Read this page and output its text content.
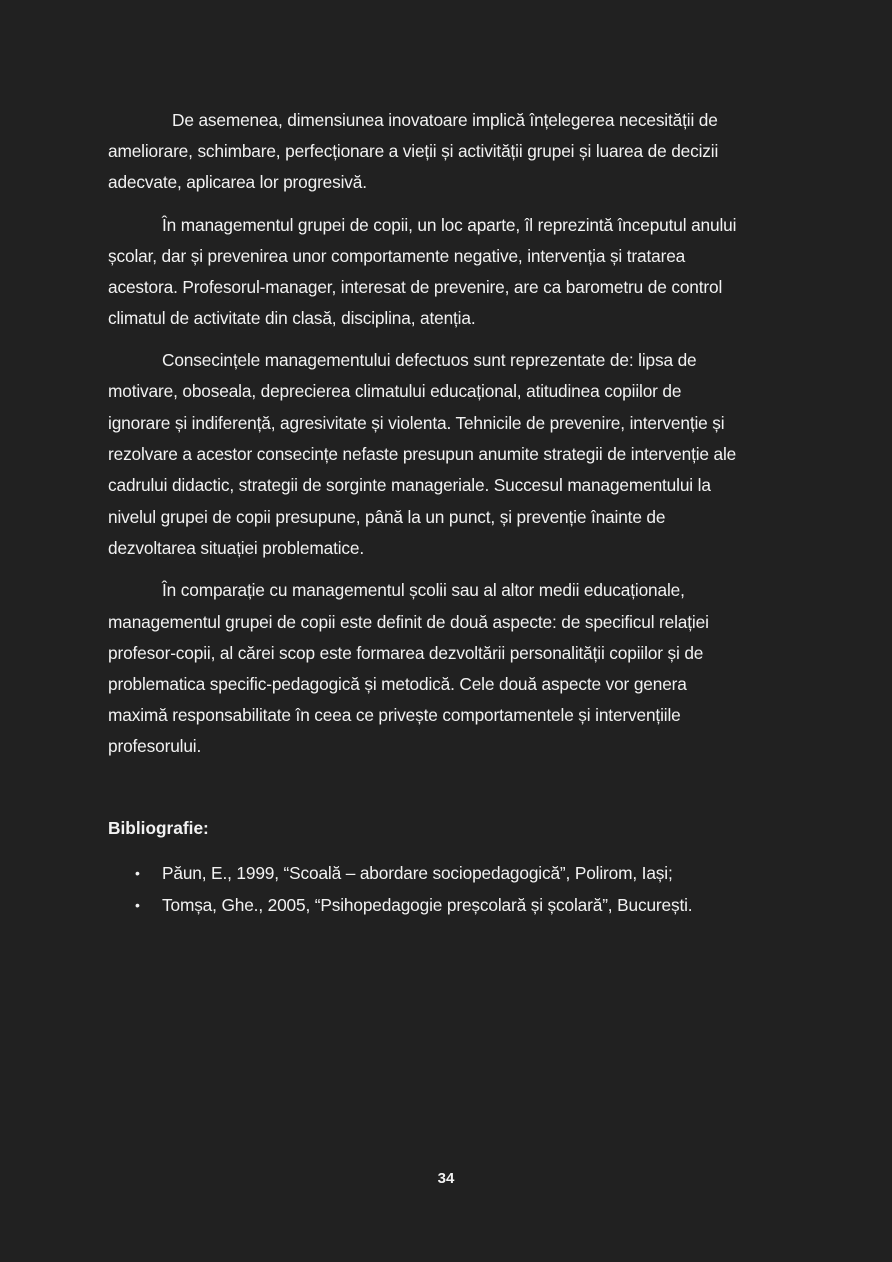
De asemenea, dimensiunea inovatoare implică înțelegerea necesității de
ameliorare, schimbare, perfecționare a vieții și activității grupei și luarea de decizii
adecvate, aplicarea lor progresivă.
În managementul grupei de copii, un loc aparte, îl reprezintă începutul anului
școlar, dar și prevenirea unor comportamente negative, intervenția și tratarea
acestora. Profesorul-manager, interesat de prevenire, are ca barometru de control
climatul de activitate din clasă, disciplina, atenția.
Consecințele managementului defectuos sunt reprezentate de: lipsa de
motivare, oboseala, deprecierea climatului educațional, atitudinea copiilor de
ignorare și indiferență, agresivitate și violenta. Tehnicile de prevenire, intervenție și
rezolvare a acestor consecințe nefaste presupun anumite strategii de intervenție ale
cadrului didactic, strategii de sorginte manageriale. Succesul managementului la
nivelul grupei de copii presupune, până la un punct, și prevenție înainte de
dezvoltarea situației problematice.
În comparație cu managementul școlii sau al altor medii educaționale,
managementul grupei de copii este definit de două aspecte: de specificul relației
profesor-copii, al cărei scop este formarea dezvoltării personalității copiilor și de
problematica specific-pedagogică și metodică. Cele două aspecte vor genera
maximă responsabilitate în ceea ce privește comportamentele și intervențiile
profesorului.
Bibliografie:
• Păun, E., 1999, “Scoală – abordare sociopedagogică”, Polirom, Iași;
• Tomșa, Ghe., 2005, “Psihopedagogie preșcolară și școlară”, București.
34
